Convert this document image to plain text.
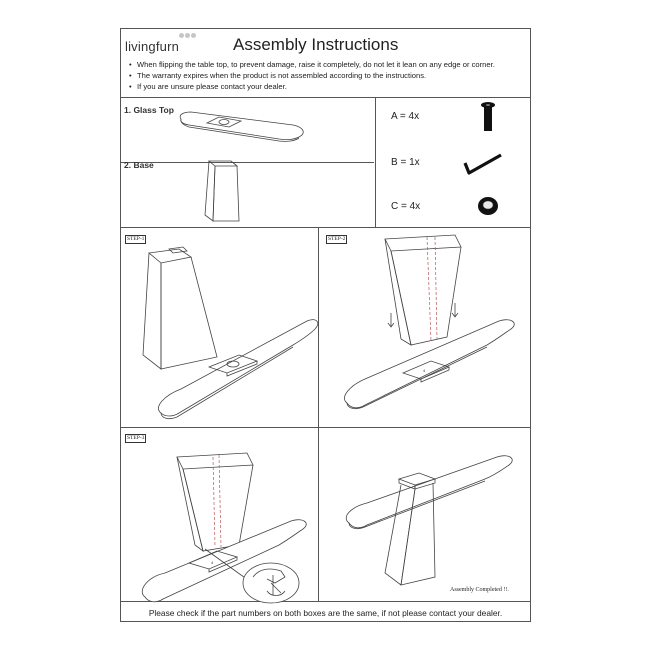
livingfurn	Assembly Instructions
• When flipping the table top, to prevent damage, raise it completely, do not let it lean on any edge or corner.
• The warranty expires when the product is not assembled according to the instructions.
• If you are unsure please contact your dealer.
1. Glass Top
2. Base
A = 4x
B = 1x
C = 4x
STEP-1	STEP-2
4
STEP-3
4
Assembly Completed !!.
Please check if the part numbers on both boxes are the same, if not please contact your dealer.
